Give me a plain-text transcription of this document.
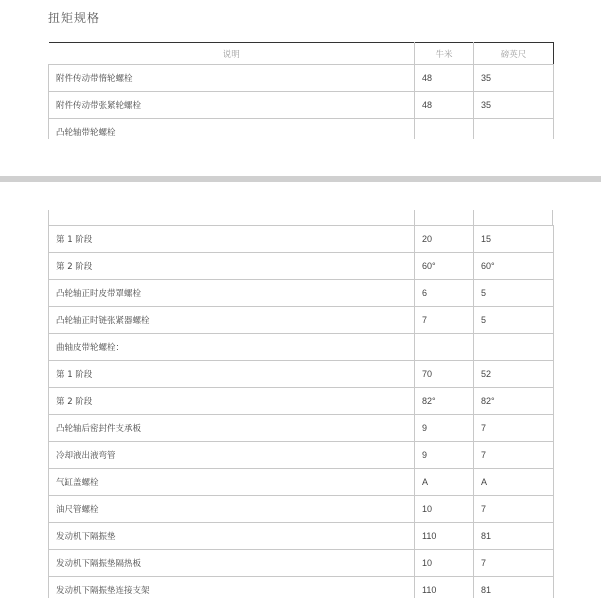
扭矩规格
说明	牛米	磅英尺
附件传动带惰轮螺栓	48	35
附件传动带张紧轮螺栓	48	35
凸轮轴带轮螺栓		
第 1 阶段	20	15
第 2 阶段	60°	60°
凸轮轴正时皮带罩螺栓	6	5
凸轮轴正时链张紧器螺栓	7	5
曲轴皮带轮螺栓：		
第 1 阶段	70	52
第 2 阶段	82°	82°
凸轮轴后密封件支承板	9	7
冷却液出液弯管	9	7
气缸盖螺栓	A	A
油尺管螺栓	10	7
发动机下隔振垫	110	81
发动机下隔振垫隔热板	10	7
发动机下隔振垫连接支架	110	81
